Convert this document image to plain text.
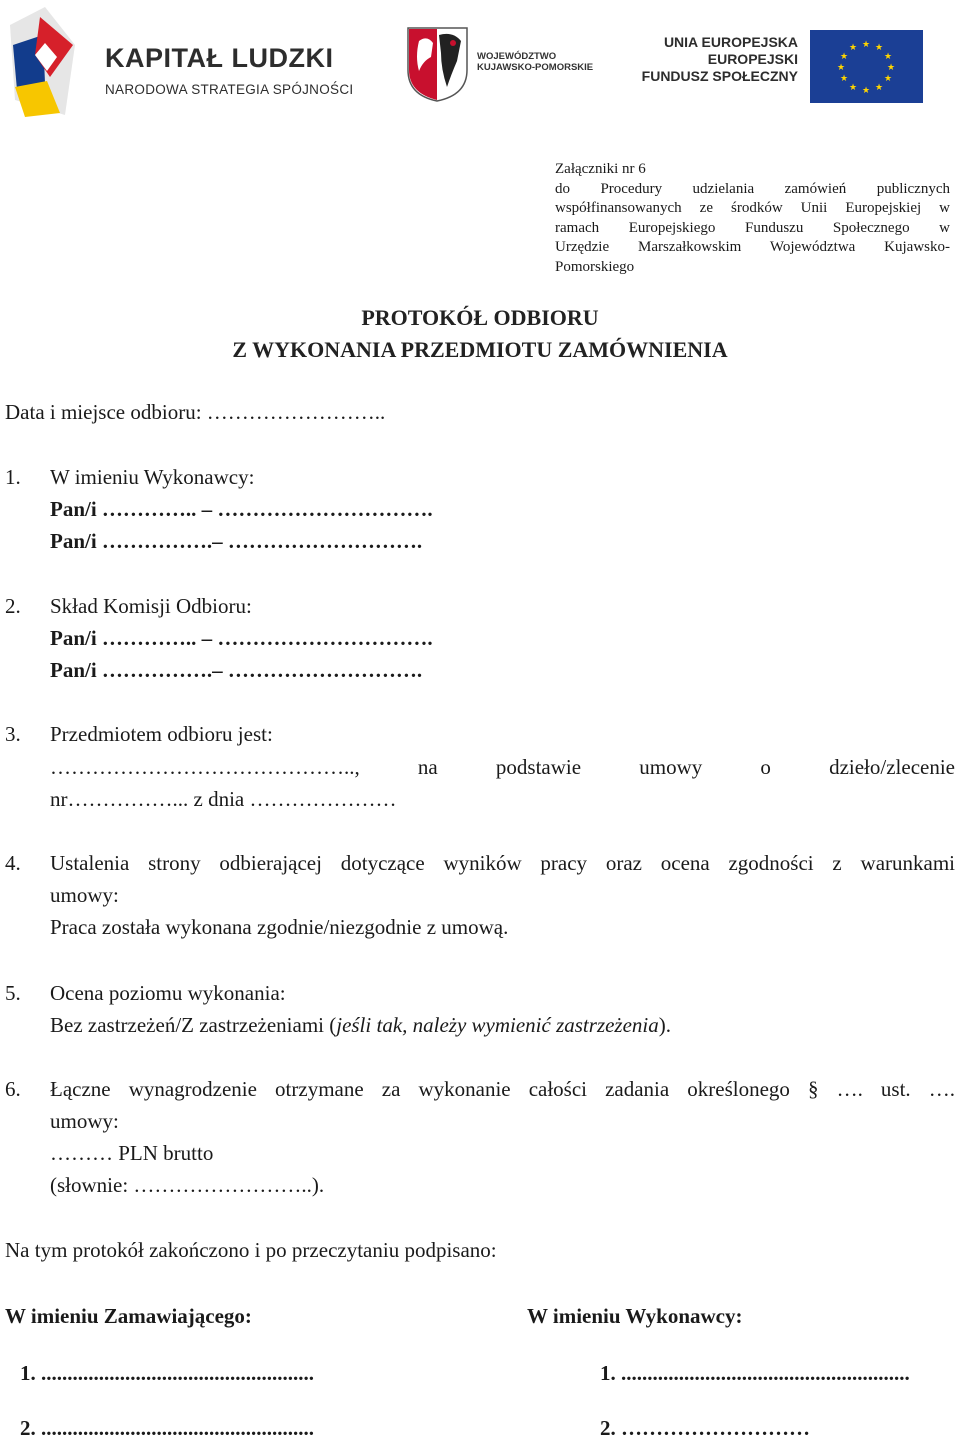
KAPITAŁ LUDZKI
NARODOWA STRATEGIA SPÓJNOŚCI
WOJEWÓDZTWO
KUJAWSKO-POMORSKIE
UNIA EUROPEJSKA
EUROPEJSKI
FUNDUSZ SPOŁECZNY
★ ★
★
★
★
★
★
★
★
★
★
★
Załączniki nr 6
do Procedury udzielania zamówień publicznych
współfinansowanych ze środków Unii Europejskiej w
ramach Europejskiego Funduszu Społecznego w
Urzędzie Marszałkowskim Województwa Kujawsko-
Pomorskiego
PROTOKÓŁ ODBIORU
Z WYKONANIA PRZEDMIOTU ZAMÓWNIENIA
Data i miejsce odbioru: ……………………..
1.	W imieniu Wykonawcy:
Pan/i ………….. – ………………………….
Pan/i …………….– ……………………….
2.	Skład Komisji Odbioru:
Pan/i ………….. – ………………………….
Pan/i …………….– ……………………….
3.	Przedmiotem odbioru jest:
…………………………………….., na podstawie umowy o dzieło/zlecenie
nr……………... z dnia …………………
4.	Ustalenia strony odbierającej dotyczące wyników pracy oraz ocena zgodności z warunkami
umowy:
Praca została wykonana zgodnie/niezgodnie z umową.
5.	Ocena poziomu wykonania:
Bez zastrzeżeń/Z zastrzeżeniami (jeśli tak, należy wymienić zastrzeżenia).
6.	Łączne wynagrodzenie otrzymane za wykonanie całości zadania określonego § …. ust. ….
umowy:
……… PLN brutto
(słownie: ……………………..).
Na tym protokół zakończono i po przeczytaniu podpisano:
W imieniu Zamawiającego:	W imieniu Wykonawcy:
1. ....................................................	1. .......................................................
2. ....................................................	2. ………………………
